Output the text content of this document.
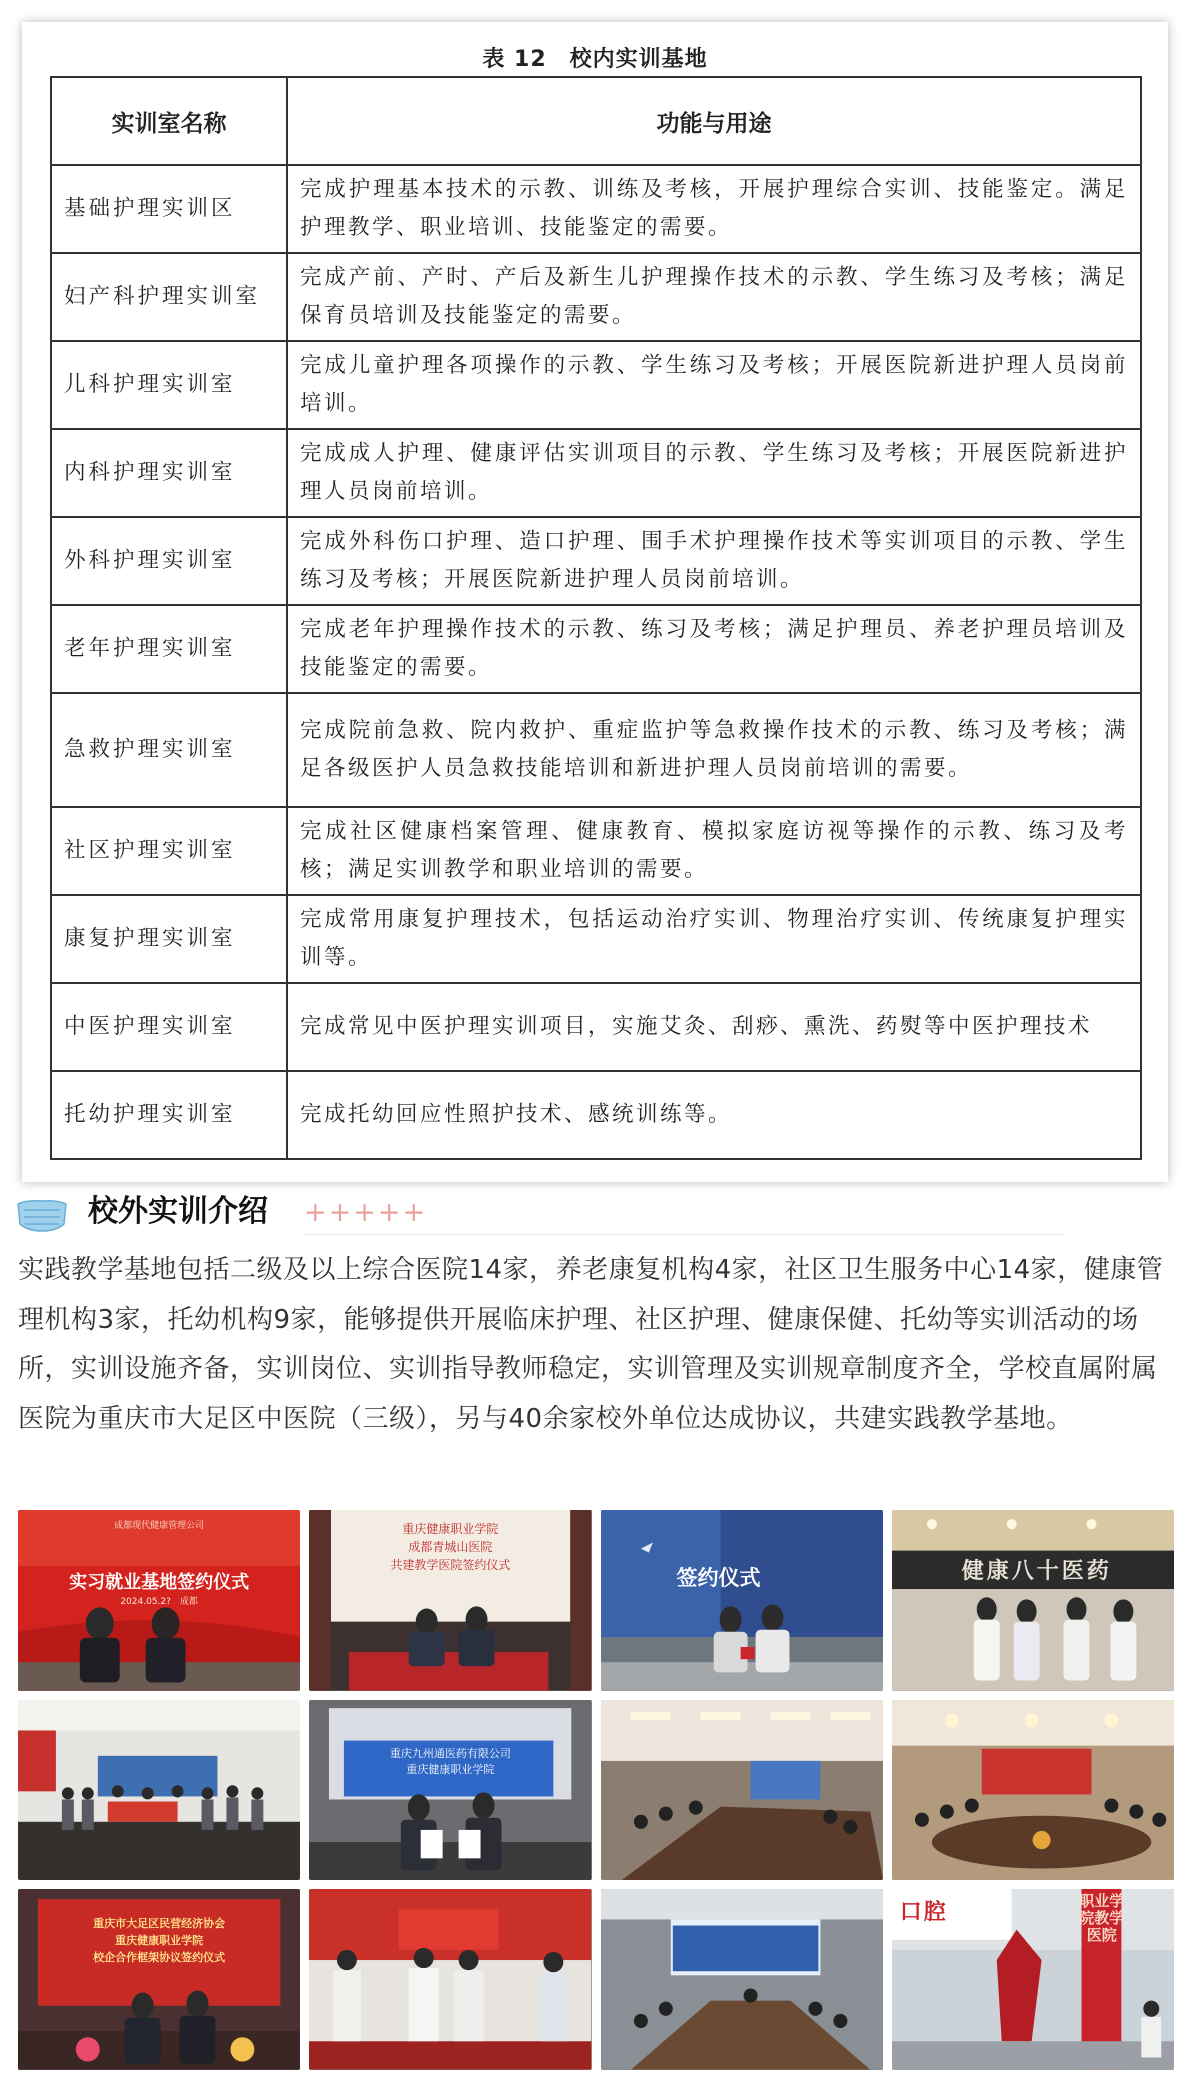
表 12　校内实训基地
实训室名称	功能与用途
基础护理实训区	完成护理基本技术的示教、训练及考核，开展护理综合实训、技能鉴定。满足护理教学、职业培训、技能鉴定的需要。
妇产科护理实训室	完成产前、产时、产后及新生儿护理操作技术的示教、学生练习及考核；满足保育员培训及技能鉴定的需要。
儿科护理实训室	完成儿童护理各项操作的示教、学生练习及考核；开展医院新进护理人员岗前培训。
内科护理实训室	完成成人护理、健康评估实训项目的示教、学生练习及考核；开展医院新进护理人员岗前培训。
外科护理实训室	完成外科伤口护理、造口护理、围手术护理操作技术等实训项目的示教、学生练习及考核；开展医院新进护理人员岗前培训。
老年护理实训室	完成老年护理操作技术的示教、练习及考核；满足护理员、养老护理员培训及技能鉴定的需要。
急救护理实训室	完成院前急救、院内救护、重症监护等急救操作技术的示教、练习及考核；满足各级医护人员急救技能培训和新进护理人员岗前培训的需要。
社区护理实训室	完成社区健康档案管理、健康教育、模拟家庭访视等操作的示教、练习及考核；满足实训教学和职业培训的需要。
康复护理实训室	完成常用康复护理技术，包括运动治疗实训、物理治疗实训、传统康复护理实训等。
中医护理实训室	完成常见中医护理实训项目，实施艾灸、刮痧、熏洗、药熨等中医护理技术
托幼护理实训室	完成托幼回应性照护技术、感统训练等。
校外实训介绍 +++++

实践教学基地包括二级及以上综合医院14家，养老康复机构4家，社区卫生服务中心14家，健康管理机构3家，托幼机构9家，能够提供开展临床护理、社区护理、健康保健、托幼等实训活动的场所，实训设施齐备，实训岗位、实训指导教师稳定，实训管理及实训规章制度齐全，学校直属附属医院为重庆市大足区中医院（三级），另与40余家校外单位达成协议，共建实践教学基地。

成都现代健康管理公司
实习就业基地签约仪式
2024.05.2?　成都
重庆健康职业学院
成都青城山医院
共建教学医院签约仪式
签约仪式	健康八十医药
重庆九州通医药有限公司
重庆健康职业学院
重庆市大足区民营经济协会
重庆健康职业学院
校企合作框架协议签约仪式
口腔	职业学院教学医院
